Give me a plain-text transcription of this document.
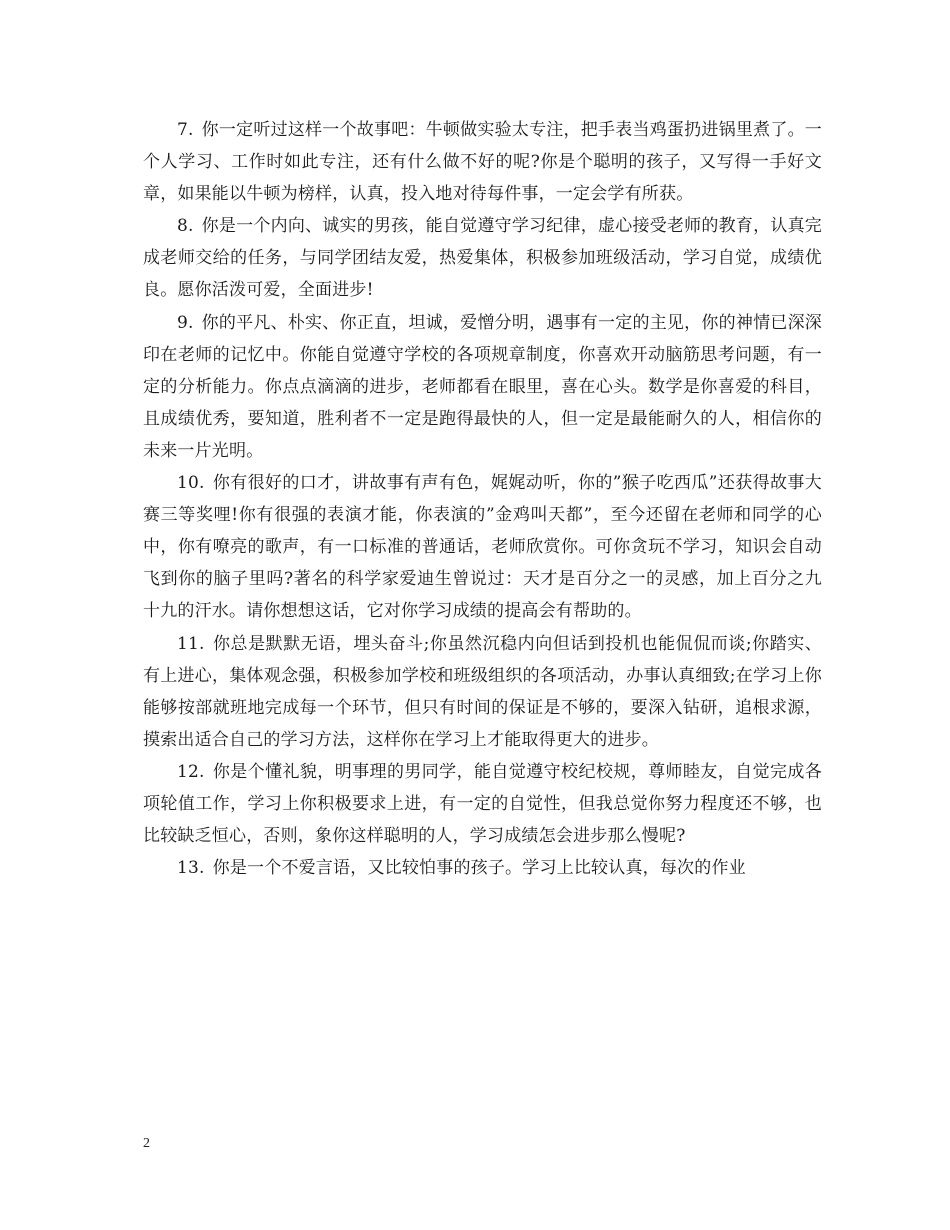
7. 你一定听过这样一个故事吧：牛顿做实验太专注，把手表当鸡蛋扔进锅里煮了。一个人学习、工作时如此专注，还有什么做不好的呢?你是个聪明的孩子，又写得一手好文章，如果能以牛顿为榜样，认真，投入地对待每件事，一定会学有所获。

8. 你是一个内向、诚实的男孩，能自觉遵守学习纪律，虚心接受老师的教育，认真完成老师交给的任务，与同学团结友爱，热爱集体，积极参加班级活动，学习自觉，成绩优良。愿你活泼可爱，全面进步!

9. 你的平凡、朴实、你正直，坦诚，爱憎分明，遇事有一定的主见，你的神情已深深印在老师的记忆中。你能自觉遵守学校的各项规章制度，你喜欢开动脑筋思考问题，有一定的分析能力。你点点滴滴的进步，老师都看在眼里，喜在心头。数学是你喜爱的科目，且成绩优秀，要知道，胜利者不一定是跑得最快的人，但一定是最能耐久的人，相信你的未来一片光明。

10. 你有很好的口才，讲故事有声有色，娓娓动听，你的”猴子吃西瓜”还获得故事大赛三等奖哩!你有很强的表演才能，你表演的”金鸡叫天都”，至今还留在老师和同学的心中，你有嘹亮的歌声，有一口标准的普通话，老师欣赏你。可你贪玩不学习，知识会自动飞到你的脑子里吗?著名的科学家爱迪生曾说过：天才是百分之一的灵感，加上百分之九十九的汗水。请你想想这话，它对你学习成绩的提高会有帮助的。

11. 你总是默默无语，埋头奋斗;你虽然沉稳内向但话到投机也能侃侃而谈;你踏实、有上进心，集体观念强，积极参加学校和班级组织的各项活动，办事认真细致;在学习上你能够按部就班地完成每一个环节，但只有时间的保证是不够的，要深入钻研，追根求源，摸索出适合自己的学习方法，这样你在学习上才能取得更大的进步。

12. 你是个懂礼貌，明事理的男同学，能自觉遵守校纪校规，尊师睦友，自觉完成各项轮值工作，学习上你积极要求上进，有一定的自觉性，但我总觉你努力程度还不够，也比较缺乏恒心，否则，象你这样聪明的人，学习成绩怎会进步那么慢呢?

13. 你是一个不爱言语，又比较怕事的孩子。学习上比较认真，每次的作业

2
